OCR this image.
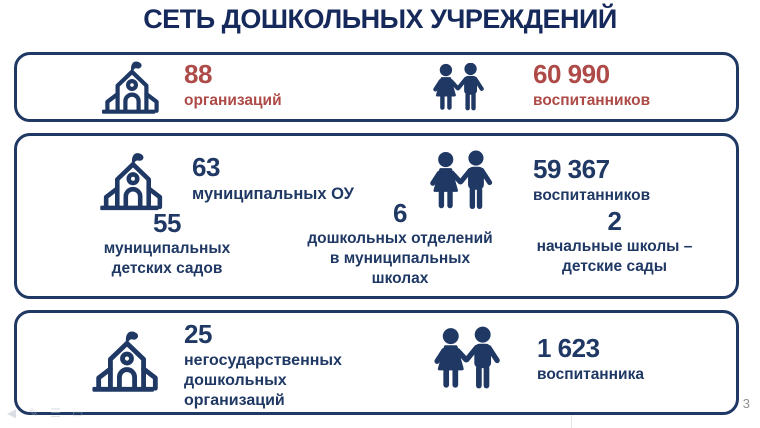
СЕТЬ ДОШКОЛЬНЫХ УЧРЕЖДЕНИЙ
88
организаций
60 990
воспитанников
63
муниципальных ОУ
55
муниципальных
детских садов
6
дошкольных отделений
в муниципальных
школах
59 367
воспитанников
2
начальные школы –
детские сады
25
негосударственных
дошкольных
организаций
1 623
воспитанника
◀ ✎ ☰ ▭
3
